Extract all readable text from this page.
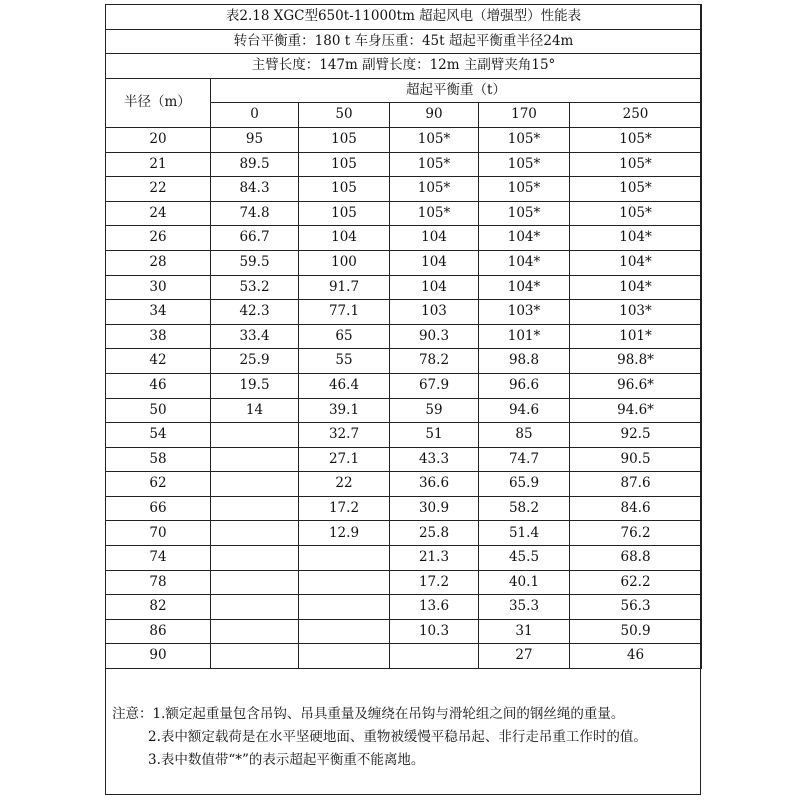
表2.18 XGC型650t-11000tm 超起风电（增强型）性能表					
转台平衡重：180 t 车身压重：45t 超起平衡重半径24m					
主臂长度：147m 副臂长度：12m 主副臂夹角15°					
半径（m）	超起平衡重（t）				
	0	50	90	170	250
20	95	105	105*	105*	105*
21	89.5	105	105*	105*	105*
22	84.3	105	105*	105*	105*
24	74.8	105	105*	105*	105*
26	66.7	104	104	104*	104*
28	59.5	100	104	104*	104*
30	53.2	91.7	104	104*	104*
34	42.3	77.1	103	103*	103*
38	33.4	65	90.3	101*	101*
42	25.9	55	78.2	98.8	98.8*
46	19.5	46.4	67.9	96.6	96.6*
50	14	39.1	59	94.6	94.6*
54		32.7	51	85	92.5
58		27.1	43.3	74.7	90.5
62		22	36.6	65.9	87.6
66		17.2	30.9	58.2	84.6
70		12.9	25.8	51.4	76.2
74			21.3	45.5	68.8
78			17.2	40.1	62.2
82			13.6	35.3	56.3
86			10.3	31	50.9
90				27	46
注意：1.额定起重量包含吊钩、吊具重量及缠绕在吊钩与滑轮组之间的钢丝绳的重量。
2.表中额定载荷是在水平坚硬地面、重物被缓慢平稳吊起、非行走吊重工作时的值。
3.表中数值带“*”的表示超起平衡重不能离地。
